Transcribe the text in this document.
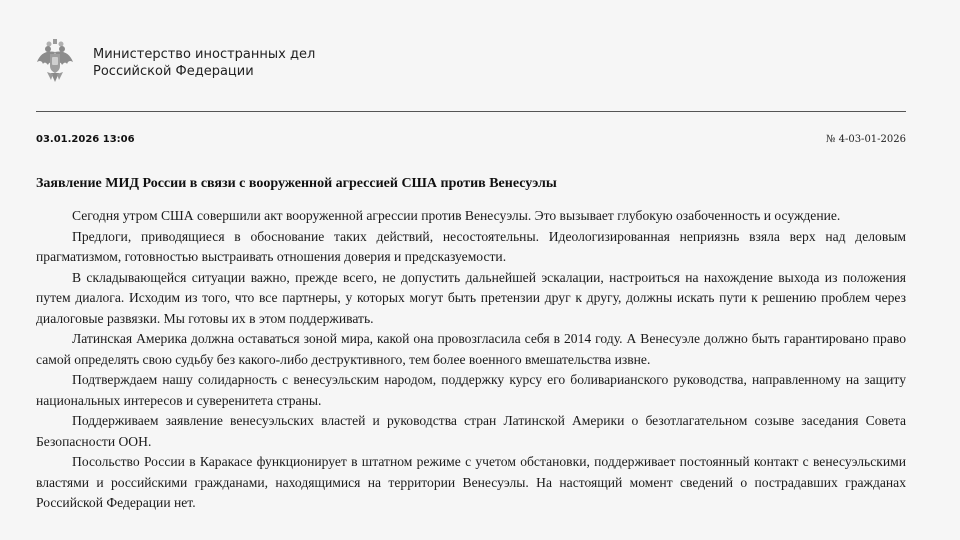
Министерство иностранных дел
Российской Федерации
03.01.2026 13:06	№ 4-03-01-2026
Заявление МИД России в связи с вооруженной агрессией США против Венесуэлы

Сегодня утром США совершили акт вооруженной агрессии против Венесуэлы. Это вызывает глубокую озабоченность и осуждение.

Предлоги, приводящиеся в обоснование таких действий, несостоятельны. Идеологизированная неприязнь взяла верх над деловым прагматизмом, готовностью выстраивать отношения доверия и предсказуемости.

В складывающейся ситуации важно, прежде всего, не допустить дальнейшей эскалации, настроиться на нахождение выхода из положения путем диалога. Исходим из того, что все партнеры, у которых могут быть претензии друг к другу, должны искать пути к решению проблем через диалоговые развязки. Мы готовы их в этом поддерживать.

Латинская Америка должна оставаться зоной мира, какой она провозгласила себя в 2014 году. А Венесуэле должно быть гарантировано право самой определять свою судьбу без какого-либо деструктивного, тем более военного вмешательства извне.

Подтверждаем нашу солидарность с венесуэльским народом, поддержку курсу его боливарианского руководства, направленному на защиту национальных интересов и суверенитета страны.

Поддерживаем заявление венесуэльских властей и руководства стран Латинской Америки о безотлагательном созыве заседания Совета Безопасности ООН.

Посольство России в Каракасе функционирует в штатном режиме с учетом обстановки, поддерживает постоянный контакт с венесуэльскими властями и российскими гражданами, находящимися на территории Венесуэлы. На настоящий момент сведений о пострадавших гражданах Российской Федерации нет.
